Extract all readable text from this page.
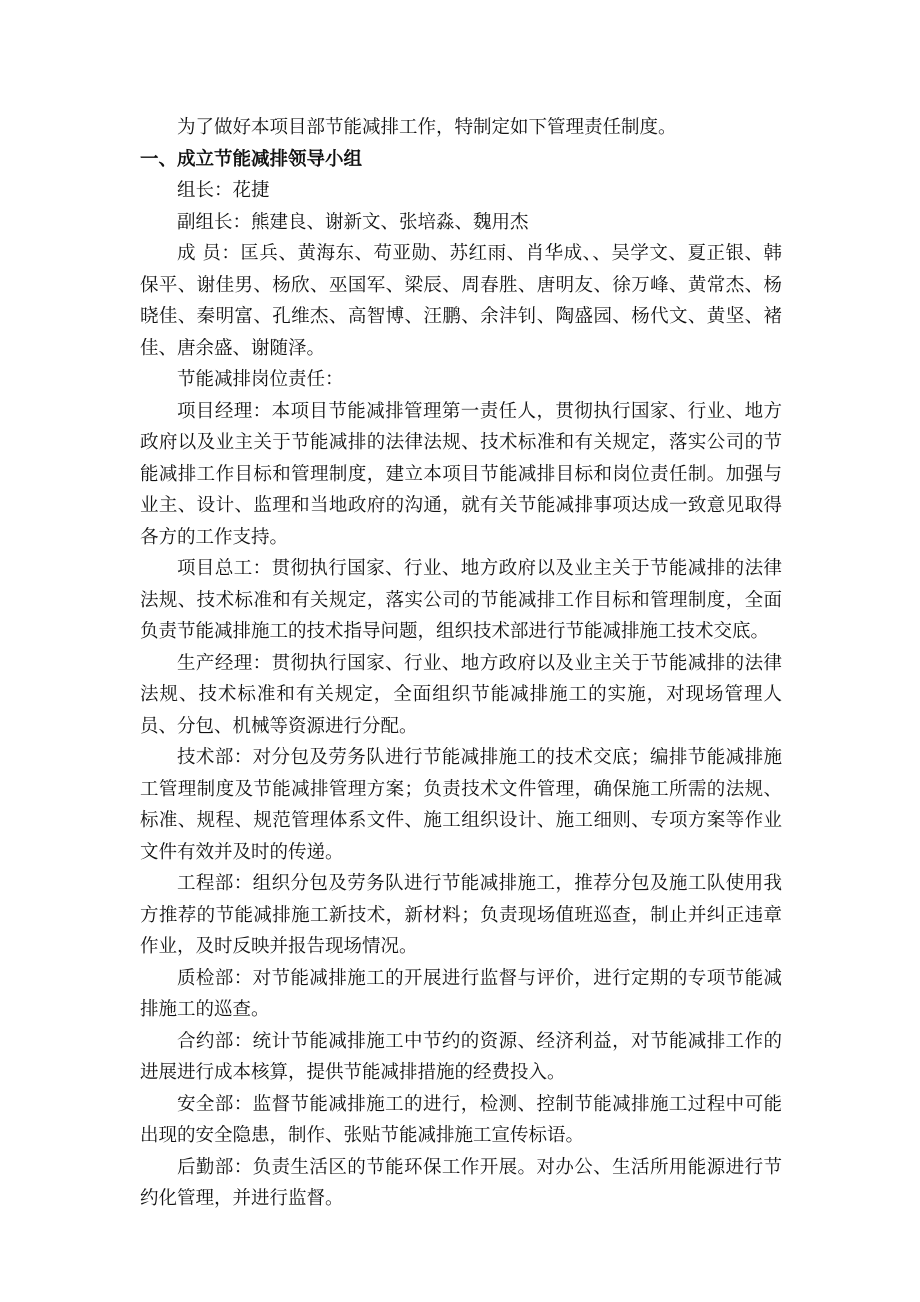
为了做好本项目部节能减排工作，特制定如下管理责任制度。

一、成立节能减排领导小组

组长：花捷

副组长：熊建良、谢新文、张培淼、魏用杰

成 员：匡兵、黄海东、苟亚勋、苏红雨、肖华成、、吴学文、夏正银、韩保平、谢佳男、杨欣、巫国军、梁辰、周春胜、唐明友、徐万峰、黄常杰、杨晓佳、秦明富、孔维杰、高智博、汪鹏、余沣钊、陶盛园、杨代文、黄坚、褚佳、唐余盛、谢随泽。

节能减排岗位责任：

项目经理：本项目节能减排管理第一责任人，贯彻执行国家、行业、地方政府以及业主关于节能减排的法律法规、技术标准和有关规定，落实公司的节能减排工作目标和管理制度，建立本项目节能减排目标和岗位责任制。加强与业主、设计、监理和当地政府的沟通，就有关节能减排事项达成一致意见取得各方的工作支持。

项目总工：贯彻执行国家、行业、地方政府以及业主关于节能减排的法律法规、技术标准和有关规定，落实公司的节能减排工作目标和管理制度，全面负责节能减排施工的技术指导问题，组织技术部进行节能减排施工技术交底。

生产经理：贯彻执行国家、行业、地方政府以及业主关于节能减排的法律法规、技术标准和有关规定，全面组织节能减排施工的实施，对现场管理人员、分包、机械等资源进行分配。

技术部：对分包及劳务队进行节能减排施工的技术交底；编排节能减排施工管理制度及节能减排管理方案；负责技术文件管理，确保施工所需的法规、标准、规程、规范管理体系文件、施工组织设计、施工细则、专项方案等作业文件有效并及时的传递。

工程部：组织分包及劳务队进行节能减排施工，推荐分包及施工队使用我方推荐的节能减排施工新技术，新材料；负责现场值班巡查，制止并纠正违章作业，及时反映并报告现场情况。

质检部：对节能减排施工的开展进行监督与评价，进行定期的专项节能减排施工的巡查。

合约部：统计节能减排施工中节约的资源、经济利益，对节能减排工作的进展进行成本核算，提供节能减排措施的经费投入。

安全部：监督节能减排施工的进行，检测、控制节能减排施工过程中可能出现的安全隐患，制作、张贴节能减排施工宣传标语。

后勤部：负责生活区的节能环保工作开展。对办公、生活所用能源进行节约化管理，并进行监督。
